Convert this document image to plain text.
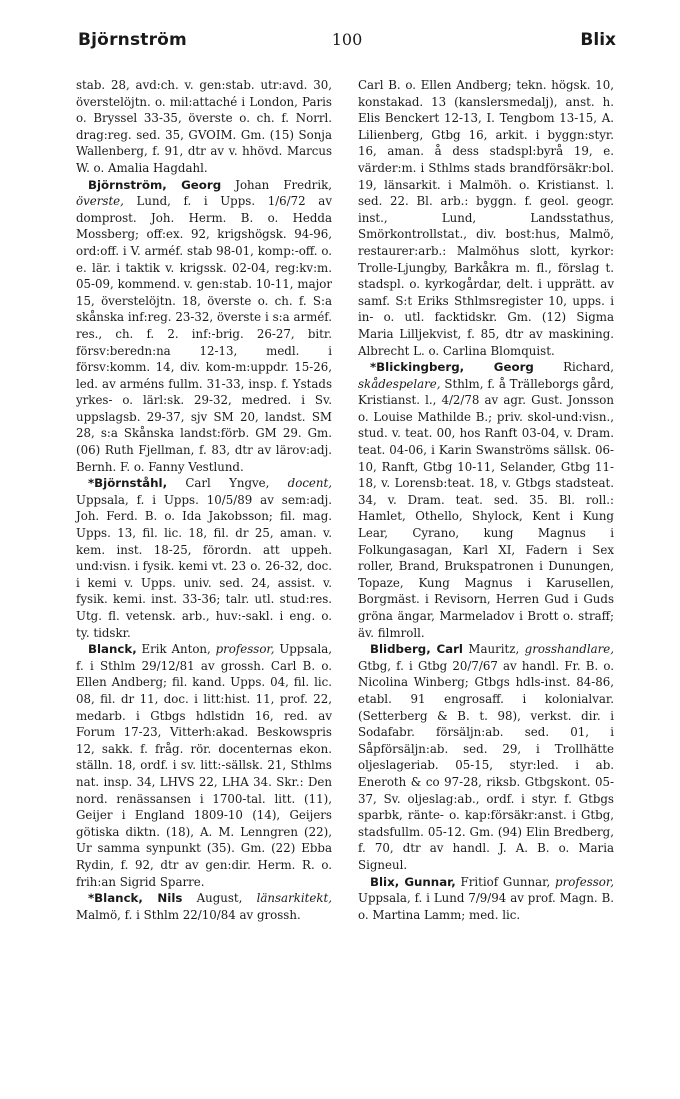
Björnström	100	Blix

stab. 28, avd:ch. v. gen:stab. utr:avd. 30, överstelöjtn. o. mil:attaché i London, Paris o. Bryssel 33-35, överste o. ch. f. Norrl. drag:reg. sed. 35, GVOIM. Gm. (15) Sonja Wallenberg, f. 91, dtr av v. hhövd. Marcus W. o. Amalia Hagdahl.

Björnström, Georg Johan Fredrik, överste, Lund, f. i Upps. 1/6/72 av domprost. Joh. Herm. B. o. Hedda Mossberg; off:ex. 92, krigshögsk. 94-96, ord:off. i V. arméf. stab 98-01, komp:-off. o. e. lär. i taktik v. krigssk. 02-04, reg:kv:m. 05-09, kommend. v. gen:stab. 10-11, major 15, överstelöjtn. 18, överste o. ch. f. S:a skånska inf:reg. 23-32, överste i s:a arméf. res., ch. f. 2. inf:-brig. 26-27, bitr. försv:beredn:na 12-13, medl. i försv:komm. 14, div. kom-m:uppdr. 15-26, led. av arméns fullm. 31-33, insp. f. Ystads yrkes- o. lärl:sk. 29-32, medred. i Sv. uppslagsb. 29-37, sjv SM 20, landst. SM 28, s:a Skånska landst:förb. GM 29. Gm. (06) Ruth Fjellman, f. 83, dtr av lärov:adj. Bernh. F. o. Fanny Vestlund.

*Björnståhl, Carl Yngve, docent, Uppsala, f. i Upps. 10/5/89 av sem:adj. Joh. Ferd. B. o. Ida Jakobsson; fil. mag. Upps. 13, fil. lic. 18, fil. dr 25, aman. v. kem. inst. 18-25, förordn. att uppeh. und:visn. i fysik. kemi vt. 23 o. 26-32, doc. i kemi v. Upps. univ. sed. 24, assist. v. fysik. kemi. inst. 33-36; talr. utl. stud:res. Utg. fl. vetensk. arb., huv:-sakl. i eng. o. ty. tidskr.

Blanck, Erik Anton, professor, Uppsala, f. i Sthlm 29/12/81 av grossh. Carl B. o. Ellen Andberg; fil. kand. Upps. 04, fil. lic. 08, fil. dr 11, doc. i litt:hist. 11, prof. 22, medarb. i Gtbgs hdlstidn 16, red. av Forum 17-23, Vitterh:akad. Beskowspris 12, sakk. f. fråg. rör. docenternas ekon. ställn. 18, ordf. i sv. litt:-sällsk. 21, Sthlms nat. insp. 34, LHVS 22, LHA 34. Skr.: Den nord. renässansen i 1700-tal. litt. (11), Geijer i England 1809-10 (14), Geijers götiska diktn. (18), A. M. Lenngren (22), Ur samma synpunkt (35). Gm. (22) Ebba Rydin, f. 92, dtr av gen:dir. Herm. R. o. frih:an Sigrid Sparre.

*Blanck, Nils August, länsarkitekt, Malmö, f. i Sthlm 22/10/84 av grossh.

Carl B. o. Ellen Andberg; tekn. högsk. 10, konstakad. 13 (kanslersmedalj), anst. h. Elis Benckert 12-13, I. Tengbom 13-15, A. Lilienberg, Gtbg 16, arkit. i byggn:styr. 16, aman. å dess stadspl:byrå 19, e. värder:m. i Sthlms stads brandförsäkr:bol. 19, länsarkit. i Malmöh. o. Kristianst. l. sed. 22. Bl. arb.: byggn. f. geol. geogr. inst., Lund, Landsstathus, Smörkontrollstat., div. bost:hus, Malmö, restaurer:arb.: Malmöhus slott, kyrkor: Trolle-Ljungby, Barkåkra m. fl., förslag t. stadspl. o. kyrkogårdar, delt. i upprätt. av samf. S:t Eriks Sthlmsregister 10, upps. i in- o. utl. facktidskr. Gm. (12) Sigma Maria Lilljekvist, f. 85, dtr av maskining. Albrecht L. o. Carlina Blomquist.

*Blickingberg, Georg Richard, skådespelare, Sthlm, f. å Trälleborgs gård, Kristianst. l., 4/2/78 av agr. Gust. Jonsson o. Louise Mathilde B.; priv. skol-und:visn., stud. v. teat. 00, hos Ranft 03-04, v. Dram. teat. 04-06, i Karin Swanströms sällsk. 06-10, Ranft, Gtbg 10-11, Selander, Gtbg 11-18, v. Lorensb:teat. 18, v. Gtbgs stadsteat. 34, v. Dram. teat. sed. 35. Bl. roll.: Hamlet, Othello, Shylock, Kent i Kung Lear, Cyrano, kung Magnus i Folkungasagan, Karl XI, Fadern i Sex roller, Brand, Brukspatronen i Dunungen, Topaze, Kung Magnus i Karusellen, Borgmäst. i Revisorn, Herren Gud i Guds gröna ängar, Marmeladov i Brott o. straff; äv. filmroll.

Blidberg, Carl Mauritz, grosshandlare, Gtbg, f. i Gtbg 20/7/67 av handl. Fr. B. o. Nicolina Winberg; Gtbgs hdls-inst. 84-86, etabl. 91 engrosaff. i kolonialvar. (Setterberg & B. t. 98), verkst. dir. i Sodafabr. försäljn:ab. sed. 01, i Såpförsäljn:ab. sed. 29, i Trollhätte oljeslageriab. 05-15, styr:led. i ab. Eneroth & co 97-28, riksb. Gtbgskont. 05-37, Sv. oljeslag:ab., ordf. i styr. f. Gtbgs sparbk, ränte- o. kap:försäkr:anst. i Gtbg, stadsfullm. 05-12. Gm. (94) Elin Bredberg, f. 70, dtr av handl. J. A. B. o. Maria Signeul.

Blix, Gunnar, Fritiof Gunnar, professor, Uppsala, f. i Lund 7/9/94 av prof. Magn. B. o. Martina Lamm; med. lic.
